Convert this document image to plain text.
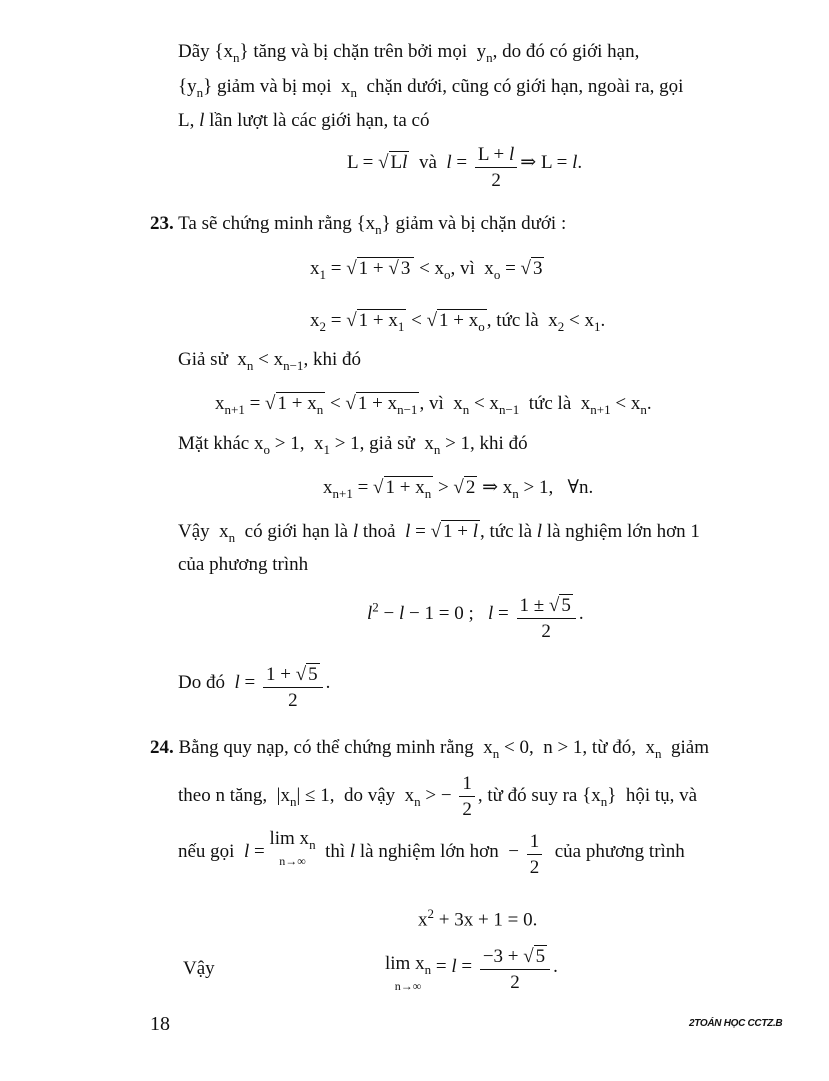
Dãy $\{x_n\}$ tăng và bị chặn trên bởi mọi  $y_n$, do đó có giới hạn,
$\{y_n\}$ giảm và bị mọi  $x_n$  chặn dưới, cũng có giới hạn, ngoài ra, gọi
L, l lần lượt là các giới hạn, ta có
L = √ Ll  và  $l = \frac{L + l}{2}$ ⇒ L = l.
23. Ta sẽ chứng minh rằng $\{x_n\}$ giảm và bị chặn dưới :
$x_1$ = √ 1 + √ $3 < x_o$, vì  $x_o$ = √ 3
$x_2$ = √ $1 + x_1$ < √ $1 + x_o$ , tức là  $x_2 < x_1$.
Giả sử  $x_n < x_{n-1}$, khi đó
$x_{n+1}$ = √ $1 + x_n$ < √ $1 + x_{n-1}$ , vì  $x_n < x_{n-1}$  tức là  $x_{n+1} < x_n$.
Mặt khác $x_o > 1$,  $x_1 > 1$, giả sử  $x_n > 1$, khi đó
$x_{n+1}$ = √ $1 + x_n$ > √ 2 ⇒ $x_n > 1$,   ∀n.
Vậy  $x_n$  có giới hạn là l thoả  l = √ 1 + l , tức là l là nghiệm lớn hơn 1
của phương trình
$l^2 - l - 1 = 0$ ;   $l = \frac{1 \pm √ 5}{2}$ .
Do đó  $l = \frac{1 + √ 5}{2}$ .
24. Bằng quy nạp, có thể chứng minh rằng  $x_n < 0$,  n > 1, từ đó,  $x_n$  giảm
theo n tăng,  $|x_n| \le 1$,  do vậy  $x_n$ > − $\frac{1}{2}$ , từ đó suy ra $\{x_n\}$  hội tụ, và
nếu gọi  $l = \lim x_n$
n→∞ thì l là nghiệm lớn hơn  − $\frac{1}{2}$ của phương trình
$x^2 + 3x + 1 = 0$.
Vậy	$\lim x_n$
n→∞
= $l = \frac{-3 + √ 5}{2}$ .
18	2TOÁN HỌC CCTZ.B
